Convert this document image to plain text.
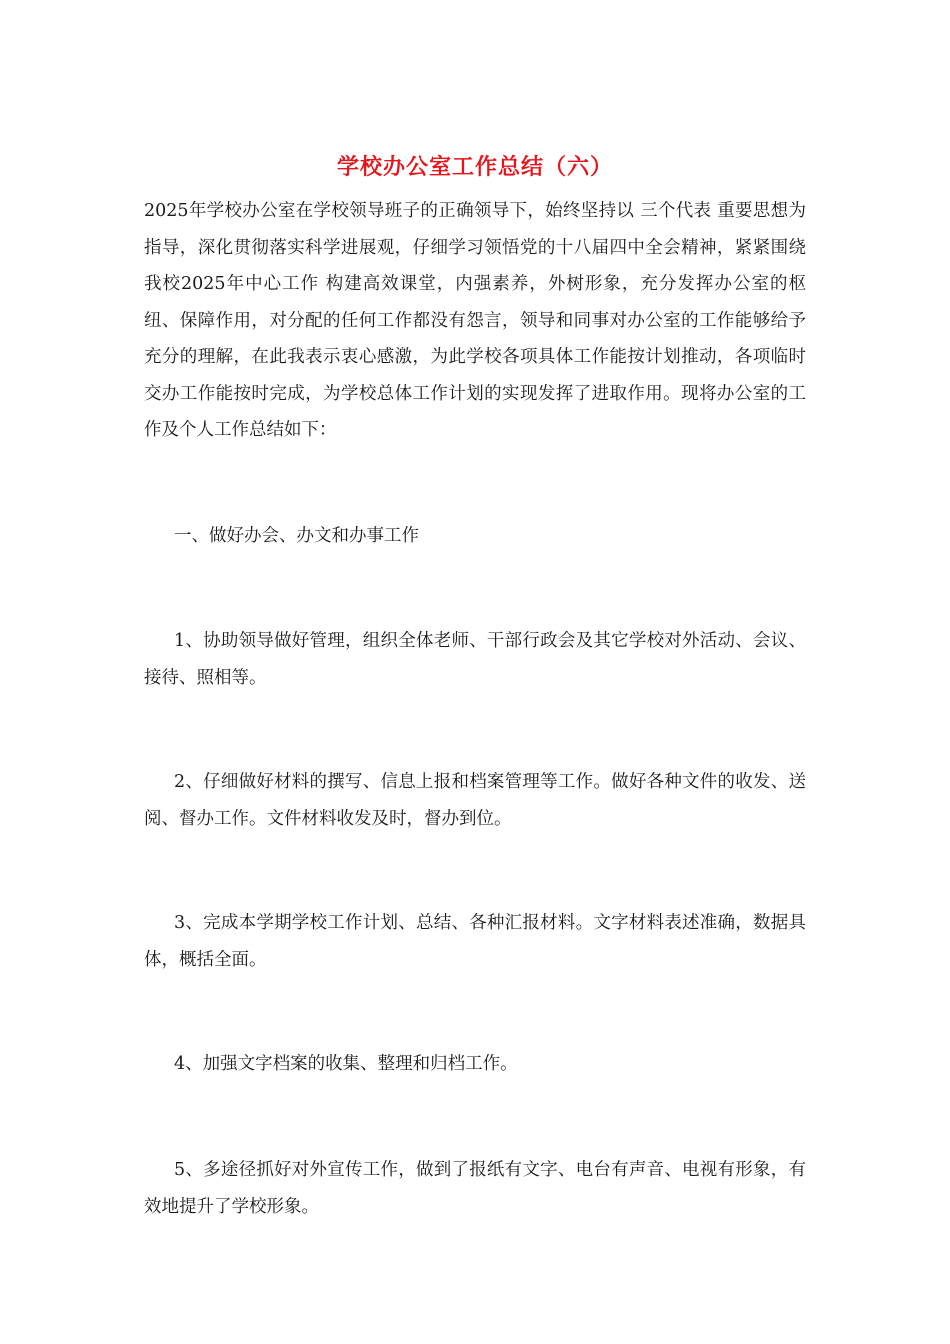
学校办公室工作总结（六）

2025年学校办公室在学校领导班子的正确领导下，始终坚持以 三个代表 重要思想为指导，深化贯彻落实科学进展观，仔细学习领悟党的十八届四中全会精神，紧紧围绕我校2025年中心工作 构建高效课堂，内强素养，外树形象，充分发挥办公室的枢纽、保障作用，对分配的任何工作都没有怨言，领导和同事对办公室的工作能够给予充分的理解，在此我表示衷心感激，为此学校各项具体工作能按计划推动，各项临时交办工作能按时完成，为学校总体工作计划的实现发挥了进取作用。现将办公室的工作及个人工作总结如下：

一、做好办会、办文和办事工作

1、协助领导做好管理，组织全体老师、干部行政会及其它学校对外活动、会议、接待、照相等。

2、仔细做好材料的撰写、信息上报和档案管理等工作。做好各种文件的收发、送阅、督办工作。文件材料收发及时，督办到位。

3、完成本学期学校工作计划、总结、各种汇报材料。文字材料表述准确，数据具体，概括全面。

4、加强文字档案的收集、整理和归档工作。

5、多途径抓好对外宣传工作，做到了报纸有文字、电台有声音、电视有形象，有效地提升了学校形象。
